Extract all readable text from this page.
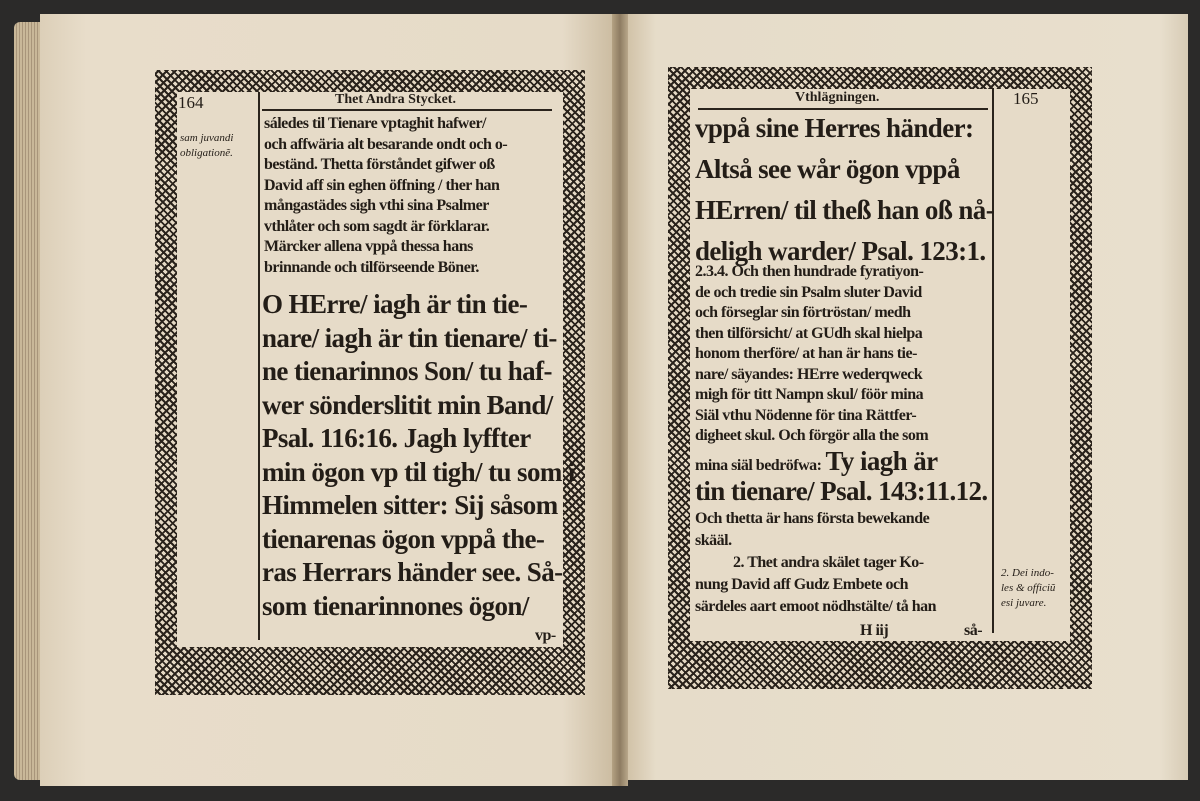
164	Thet Andra Stycket.
sam juvandi
obligationẽ.
sáledes til Tienare vptaghit hafwer/
och affwäria alt besarande ondt och o-
beständ. Thetta förståndet gifwer oß
David aff sin eghen öffning / ther han
mångastädes sigh vthi sina Psalmer
vthlåter och som sagdt är förklarar.
Märcker allena vppå thessa hans
brinnande och tilförseende Böner.
O HErre/ iagh är tin tie-
nare/ iagh är tin tienare/ ti-
ne tienarinnos Son/ tu haf-
wer sönderslitit min Band/
Psal. 116:16. Jagh lyffter
min ögon vp til tigh/ tu som i
Himmelen sitter: Sij såsom
tienarenas ögon vppå the-
ras Herrars händer see. Så-
som tienarinnones ögon/
vp-
Vthlägningen.	165
vppå sine Herres händer:
Altså see wår ögon vppå
HErren/ til theß han oß nå-
deligh warder/ Psal. 123:1.
2.3.4. Och then hundrade fyratiyon-
de och tredie sin Psalm sluter David
och förseglar sin förtröstan/ medh
then tilförsicht/ at GUdh skal hielpa
honom therföre/ at han är hans tie-
nare/ säyandes: HErre wederqweck
migh för titt Nampn skul/ föör mina
Siäl vthu Nödenne för tina Rättfer-
digheet skul. Och förgör alla the som
mina siäl bedröfwa: Ty iagh är
tin tienare/ Psal. 143:11.12.
Och thetta är hans första bewekande
skääl.
2. Thet andra skälet tager Ko-
nung David aff Gudz Embete och
särdeles aart emoot nödhstälte/ tå han
H iij	så-
2. Dei indo-
les & officiũ
esi juvare.
